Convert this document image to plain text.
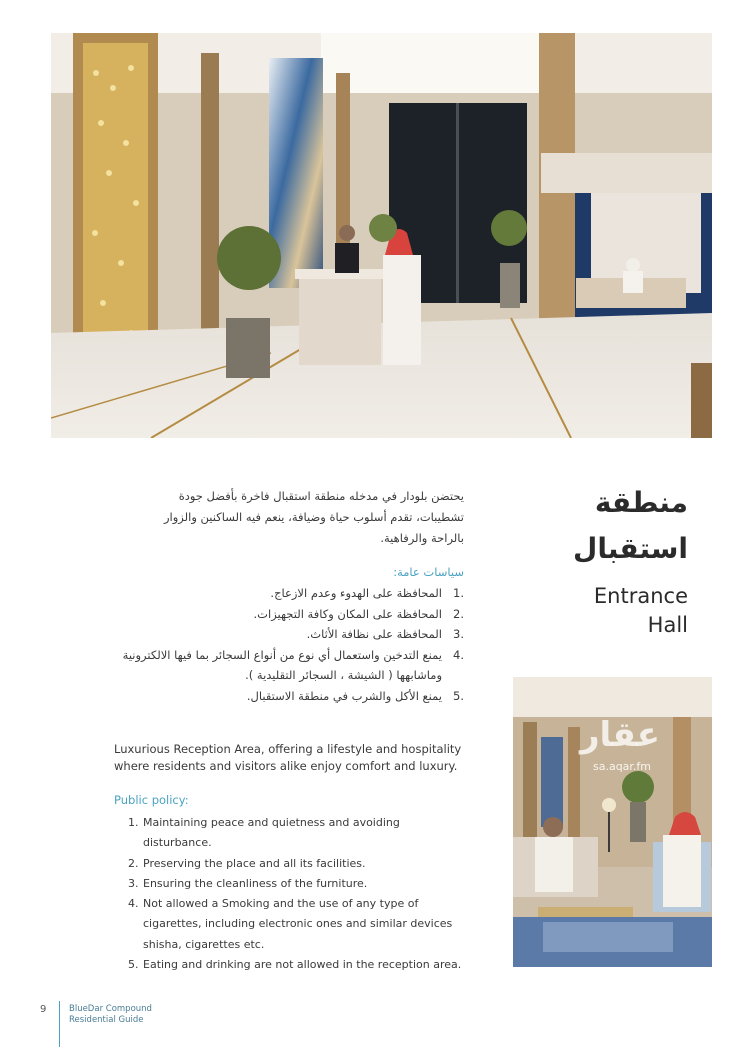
منطقة
استقبال
Entrance
Hall
يحتضن بلودار في مدخله منطقة استقبال فاخرة بأفضل جودة
تشطيبات، تقدم أسلوب حياة وضيافة، ينعم فيه الساكنين والزوار
بالراحة والرفاهية.
سياسات عامة:
.1
المحافظة على الهدوء وعدم الازعاج.
.2
المحافظة على المكان وكافة التجهيزات.
.3
المحافظة على نظافة الأثاث.
.4
يمنع التدخين واستعمال أي نوع من أنواع السجائر بما فيها الالكترونية وماشابهها ( الشيشة ، السجائر التقليدية ).
.5
يمنع الأكل والشرب في منطقة الاستقبال.
Luxurious Reception Area, offering a lifestyle and hospitality where residents and visitors alike enjoy comfort and luxury.
Public policy:
1. Maintaining peace and quietness and avoiding disturbance.
2. Preserving the place and all its facilities.
3. Ensuring the cleanliness of the furniture.
4. Not allowed a Smoking and the use of any type of cigarettes, including electronic ones and similar devices shisha, cigarettes etc.
5. Eating and drinking are not allowed in the reception area.
عقار
sa.aqar.fm
9	BlueDar Compound
Residential Guide
